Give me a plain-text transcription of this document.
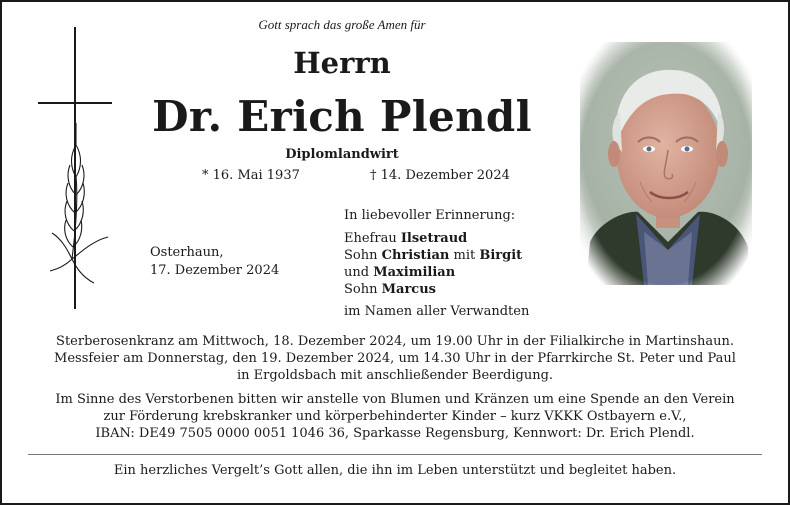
Gott sprach das große Amen für
Herrn
Dr. Erich Plendl
Diplomlandwirt
* 16. Mai 1937	† 14. Dezember 2024
Osterhaun,
17. Dezember 2024
In liebevoller Erinnerung:
Ehefrau Ilsetraud
Sohn Christian mit Birgit
und Maximilian
Sohn Marcus
im Namen aller Verwandten

Sterberosenkranz am Mittwoch, 18. Dezember 2024, um 19.00 Uhr in der Filialkirche in Martinshaun.
Messfeier am Donnerstag, den 19. Dezember 2024, um 14.30 Uhr in der Pfarrkirche St. Peter und Paul
in Ergoldsbach mit anschließender Beerdigung.

Im Sinne des Verstorbenen bitten wir anstelle von Blumen und Kränzen um eine Spende an den Verein
zur Förderung krebskranker und körperbehinderter Kinder – kurz VKKK Ostbayern e.V.,
IBAN: DE49 7505 0000 0051 1046 36, Sparkasse Regensburg, Kennwort: Dr. Erich Plendl.

Ein herzliches Vergelt’s Gott allen, die ihn im Leben unterstützt und begleitet haben.
